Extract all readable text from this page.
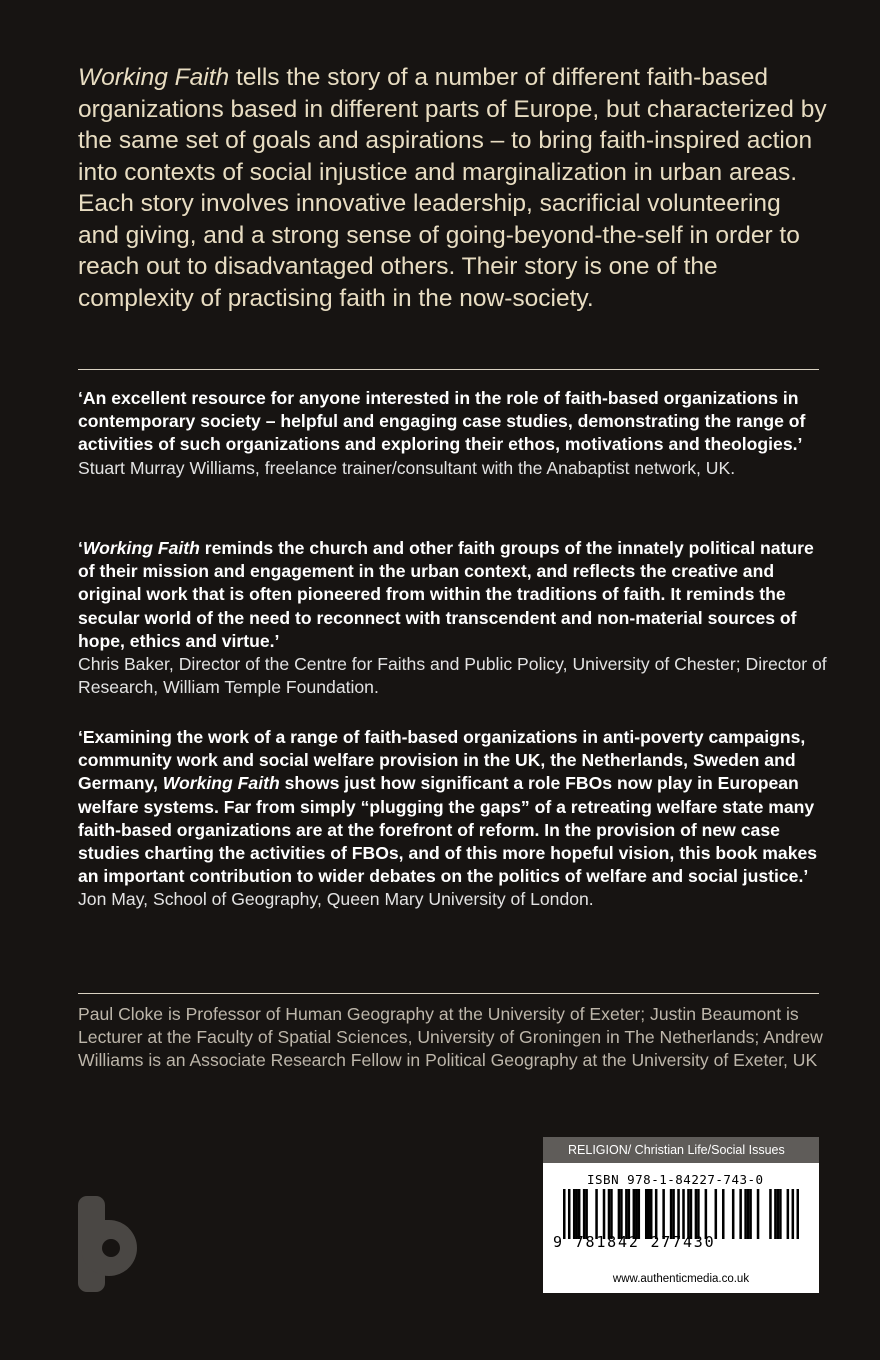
Working Faith tells the story of a number of different faith-based organizations based in different parts of Europe, but characterized by the same set of goals and aspirations – to bring faith-inspired action into contexts of social injustice and marginalization in urban areas. Each story involves innovative leadership, sacrificial volunteering and giving, and a strong sense of going-beyond-the-self in order to reach out to disadvantaged others. Their story is one of the complexity of practising faith in the now-society.

‘An excellent resource for anyone interested in the role of faith-based organizations in contemporary society – helpful and engaging case studies, demonstrating the range of activities of such organizations and exploring their ethos, motivations and theologies.’
Stuart Murray Williams, freelance trainer/consultant with the Anabaptist network, UK.

‘Working Faith reminds the church and other faith groups of the innately political nature of their mission and engagement in the urban context, and reflects the creative and original work that is often pioneered from within the traditions of faith. It reminds the secular world of the need to reconnect with transcendent and non-material sources of hope, ethics and virtue.’
Chris Baker, Director of the Centre for Faiths and Public Policy, University of Chester; Director of Research, William Temple Foundation.

‘Examining the work of a range of faith-based organizations in anti-poverty campaigns, community work and social welfare provision in the UK, the Netherlands, Sweden and Germany, Working Faith shows just how significant a role FBOs now play in European welfare systems. Far from simply “plugging the gaps” of a retreating welfare state many faith-based organizations are at the forefront of reform. In the provision of new case studies charting the activities of FBOs, and of this more hopeful vision, this book makes an important contribution to wider debates on the politics of welfare and social justice.’
Jon May, School of Geography, Queen Mary University of London.

Paul Cloke is Professor of Human Geography at the University of Exeter; Justin Beaumont is Lecturer at the Faculty of Spatial Sciences, University of Groningen in The Netherlands; Andrew Williams is an Associate Research Fellow in Political Geography at the University of Exeter, UK

RELIGION/ Christian Life/Social Issues
ISBN 978-1-84227-743-0
9 781842 277430
www.authenticmedia.co.uk
